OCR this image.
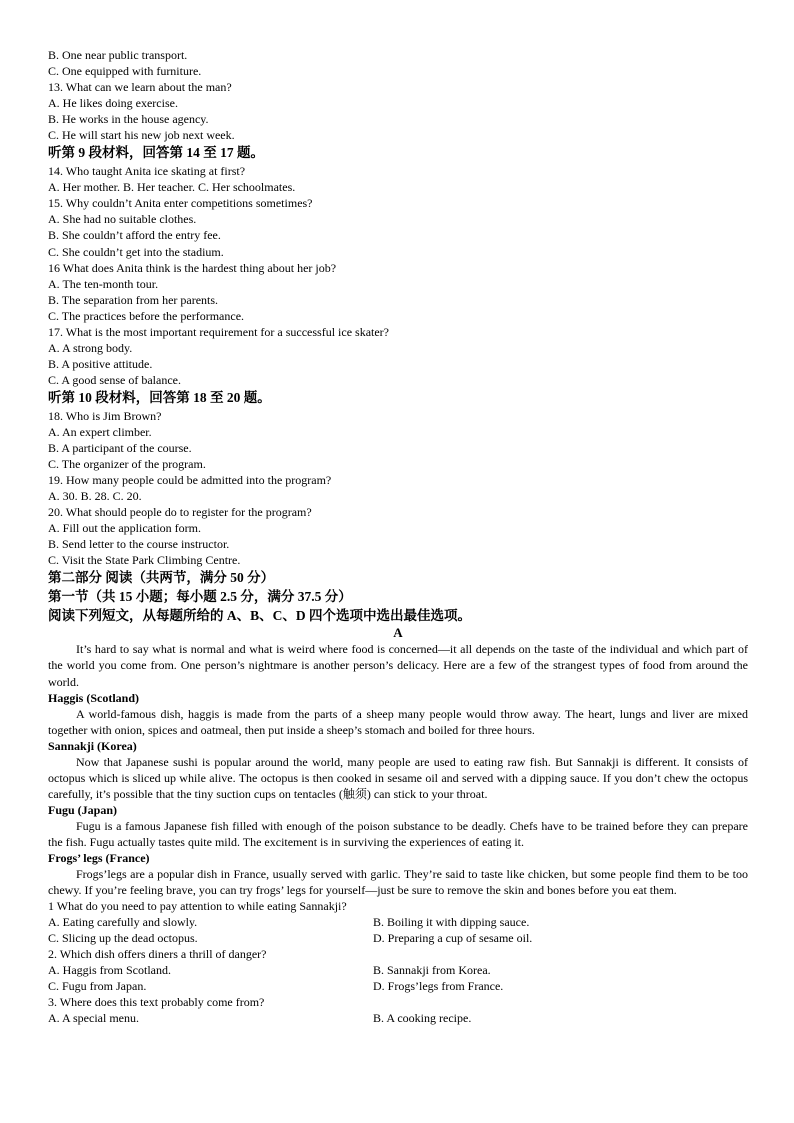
B. One near public transport.
C. One equipped with furniture.
13. What can we learn about the man?
A. He likes doing exercise.
B. He works in the house agency.
C. He will start his new job next week.
听第 9 段材料，回答第 14 至 17 题。
14. Who taught Anita ice skating at first?
A. Her mother. B. Her teacher. C. Her schoolmates.
15. Why couldn’t Anita enter competitions sometimes?
A. She had no suitable clothes.
B. She couldn’t afford the entry fee.
C. She couldn’t get into the stadium.
16 What does Anita think is the hardest thing about her job?
A. The ten-month tour.
B. The separation from her parents.
C. The practices before the performance.
17. What is the most important requirement for a successful ice skater?
A. A strong body.
B. A positive attitude.
C. A good sense of balance.
听第 10 段材料，回答第 18 至 20 题。
18. Who is Jim Brown?
A. An expert climber.
B. A participant of the course.
C. The organizer of the program.
19. How many people could be admitted into the program?
A. 30. B. 28. C. 20.
20. What should people do to register for the program?
A. Fill out the application form.
B. Send letter to the course instructor.
C. Visit the State Park Climbing Centre.
第二部分 阅读（共两节，满分 50 分）
第一节（共 15 小题；每小题 2.5 分，满分 37.5 分）
阅读下列短文，从每题所给的 A、B、C、D 四个选项中选出最佳选项。
A
It’s hard to say what is normal and what is weird where food is concerned—it all depends on the taste of the individual and which part of the world you come from. One person’s nightmare is another person’s delicacy. Here are a few of the strangest types of food from around the world.
Haggis (Scotland)
A world-famous dish, haggis is made from the parts of a sheep many people would throw away. The heart, lungs and liver are mixed together with onion, spices and oatmeal, then put inside a sheep’s stomach and boiled for three hours.
Sannakji (Korea)
Now that Japanese sushi is popular around the world, many people are used to eating raw fish. But Sannakji is different. It consists of octopus which is sliced up while alive. The octopus is then cooked in sesame oil and served with a dipping sauce. If you don’t chew the octopus carefully, it’s possible that the tiny suction cups on tentacles (触须) can stick to your throat.
Fugu (Japan)
Fugu is a famous Japanese fish filled with enough of the poison substance to be deadly. Chefs have to be trained before they can prepare the fish. Fugu actually tastes quite mild. The excitement is in surviving the experiences of eating it.
Frogs’ legs (France)
Frogs’legs are a popular dish in France, usually served with garlic. They’re said to taste like chicken, but some people find them to be too chewy. If you’re feeling brave, you can try frogs’ legs for yourself—just be sure to remove the skin and bones before you eat them.
1 What do you need to pay attention to while eating Sannakji?
A. Eating carefully and slowly.	B. Boiling it with dipping sauce.
C. Slicing up the dead octopus.	D. Preparing a cup of sesame oil.
2. Which dish offers diners a thrill of danger?
A. Haggis from Scotland.	B. Sannakji from Korea.
C. Fugu from Japan.	D. Frogs’legs from France.
3. Where does this text probably come from?
A. A special menu.	B. A cooking recipe.
